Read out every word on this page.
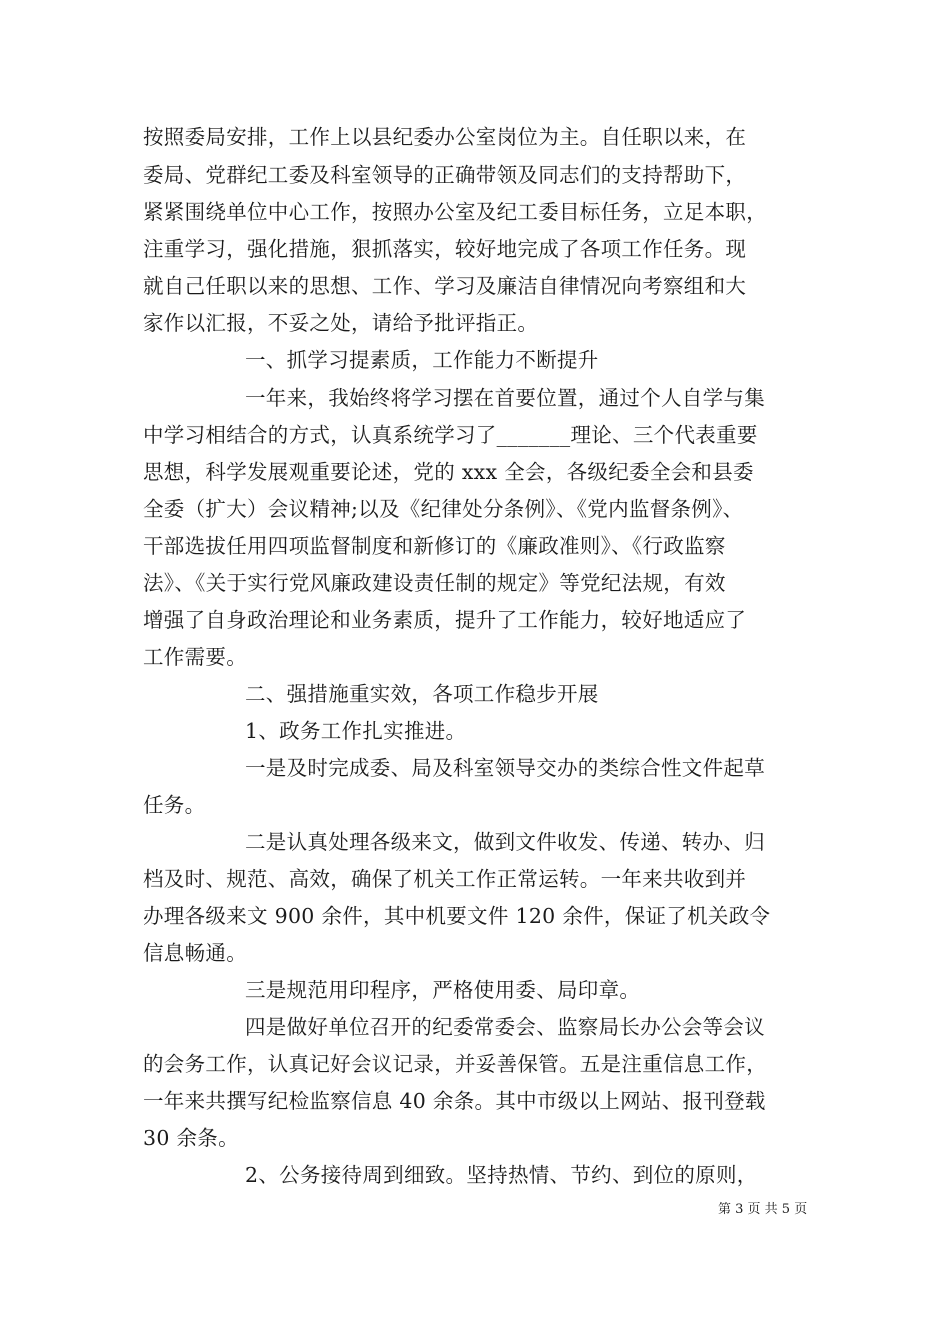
按照委局安排，工作上以县纪委办公室岗位为主。自任职以来，在
委局、党群纪工委及科室领导的正确带领及同志们的支持帮助下，
紧紧围绕单位中心工作，按照办公室及纪工委目标任务，立足本职，
注重学习，强化措施，狠抓落实，较好地完成了各项工作任务。现
就自己任职以来的思想、工作、学习及廉洁自律情况向考察组和大
家作以汇报，不妥之处，请给予批评指正。
一、抓学习提素质，工作能力不断提升
一年来，我始终将学习摆在首要位置，通过个人自学与集
中学习相结合的方式，认真系统学习了_______理论、三个代表重要
思想，科学发展观重要论述，党的 xxx 全会，各级纪委全会和县委
全委（扩大）会议精神;以及《纪律处分条例》、《党内监督条例》、
干部选拔任用四项监督制度和新修订的《廉政准则》、《行政监察
法》、《关于实行党风廉政建设责任制的规定》等党纪法规，有效
增强了自身政治理论和业务素质，提升了工作能力，较好地适应了
工作需要。
二、强措施重实效，各项工作稳步开展
1、政务工作扎实推进。
一是及时完成委、局及科室领导交办的类综合性文件起草
任务。
二是认真处理各级来文，做到文件收发、传递、转办、归
档及时、规范、高效，确保了机关工作正常运转。一年来共收到并
办理各级来文 900 余件，其中机要文件 120 余件，保证了机关政令
信息畅通。
三是规范用印程序，严格使用委、局印章。
四是做好单位召开的纪委常委会、监察局长办公会等会议
的会务工作，认真记好会议记录，并妥善保管。五是注重信息工作，
一年来共撰写纪检监察信息 40 余条。其中市级以上网站、报刊登载
30 余条。
2、公务接待周到细致。坚持热情、节约、到位的原则，
第 3 页 共 5 页
